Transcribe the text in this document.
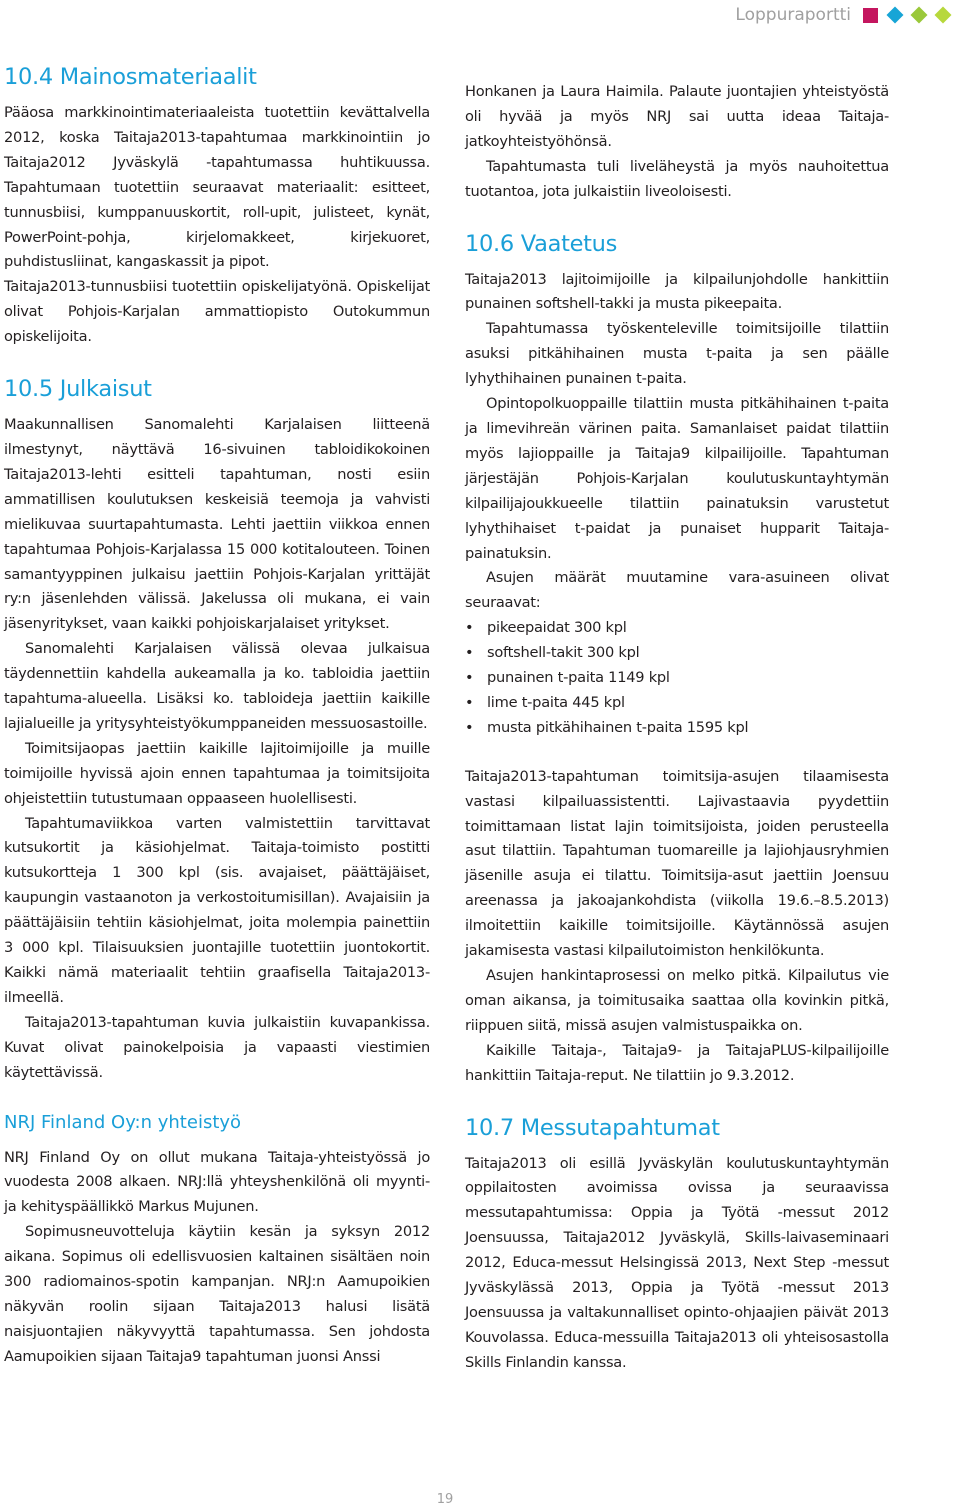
Loppuraportti
10.4 Mainosmateriaalit

Pääosa markkinointimateriaaleista tuotettiin kevättalvella 2012, koska Taitaja2013-tapahtumaa markkinointiin jo Taitaja2012 Jyväskylä -tapahtumassa huhtikuussa. Tapahtumaan tuotettiin seuraavat materiaalit: esitteet, tunnusbiisi, kumppanuuskortit, roll-upit, julisteet, kynät, PowerPoint-pohja, kirjelomakkeet, kirjekuoret, puhdistusliinat, kangaskassit ja pipot.

Taitaja2013-tunnusbiisi tuotettiin opiskelijatyönä. Opiskelijat olivat Pohjois-Karjalan ammattiopisto Outokummun opiskelijoita.

10.5 Julkaisut

Maakunnallisen Sanomalehti Karjalaisen liitteenä ilmestynyt, näyttävä 16-sivuinen tabloidikokoinen Taitaja2013-lehti esitteli tapahtuman, nosti esiin ammatillisen koulutuksen keskeisiä teemoja ja vahvisti mielikuvaa suurtapahtumasta. Lehti jaettiin viikkoa ennen tapahtumaa Pohjois-Karjalassa 15 000 kotitalouteen. Toinen samantyyppinen julkaisu jaettiin Pohjois-Karjalan yrittäjät ry:n jäsenlehden välissä. Jakelussa oli mukana, ei vain jäsenyritykset, vaan kaikki pohjoiskarjalaiset yritykset.

Sanomalehti Karjalaisen välissä olevaa julkaisua täydennettiin kahdella aukeamalla ja ko. tabloidia jaettiin tapahtuma-alueella. Lisäksi ko. tabloideja jaettiin kaikille lajialueille ja yritysyhteistyökumppaneiden messuosastoille.

Toimitsijaopas jaettiin kaikille lajitoimijoille ja muille toimijoille hyvissä ajoin ennen tapahtumaa ja toimitsijoita ohjeistettiin tutustumaan oppaaseen huolellisesti.

Tapahtumaviikkoa varten valmistettiin tarvittavat kutsukortit ja käsiohjelmat. Taitaja-toimisto postitti kutsukortteja 1 300 kpl (sis. avajaiset, päättäjäiset, kaupungin vastaanoton ja verkostoitumisillan). Avajaisiin ja päättäjäisiin tehtiin käsiohjelmat, joita molempia painettiin 3 000 kpl. Tilaisuuksien juontajille tuotettiin juontokortit. Kaikki nämä materiaalit tehtiin graafisella Taitaja2013-ilmeellä.

Taitaja2013-tapahtuman kuvia julkaistiin kuvapankissa. Kuvat olivat painokelpoisia ja vapaasti viestimien käytettävissä.

NRJ Finland Oy:n yhteistyö

NRJ Finland Oy on ollut mukana Taitaja-yhteistyössä jo vuodesta 2008 alkaen. NRJ:llä yhteyshenkilönä oli myynti- ja kehityspäällikkö Markus Mujunen.

Sopimusneuvotteluja käytiin kesän ja syksyn 2012 aikana. Sopimus oli edellisvuosien kaltainen sisältäen noin 300 radiomainos-spotin kampanjan. NRJ:n Aamupoikien näkyvän roolin sijaan Taitaja2013 halusi lisätä naisjuontajien näkyvyyttä tapahtumassa. Sen johdosta Aamupoikien sijaan Taitaja9 tapahtuman juonsi Anssi

Honkanen ja Laura Haimila. Palaute juontajien yhteistyöstä oli hyvää ja myös NRJ sai uutta ideaa Taitaja-jatkoyhteistyöhönsä.

Tapahtumasta tuli liveläheystä ja myös nauhoitettua tuotantoa, jota julkaistiin liveoloisesti.

10.6 Vaatetus

Taitaja2013 lajitoimijoille ja kilpailunjohdolle hankittiin punainen softshell-takki ja musta pikeepaita.

Tapahtumassa työskenteleville toimitsijoille tilattiin asuksi pitkähihainen musta t-paita ja sen päälle lyhythihainen punainen t-paita.

Opintopolkuoppaille tilattiin musta pitkähihainen t-paita ja limevihreän värinen paita. Samanlaiset paidat tilattiin myös lajioppaille ja Taitaja9 kilpailijoille. Tapahtuman järjestäjän Pohjois-Karjalan koulutuskuntayhtymän kilpailijajoukkueelle tilattiin painatuksin varustetut lyhythihaiset t-paidat ja punaiset hupparit Taitaja-painatuksin.

Asujen määrät muutamine vara-asuineen olivat seuraavat:

• pikeepaidat 300 kpl
• softshell-takit 300 kpl
• punainen t-paita 1149 kpl
• lime t-paita 445 kpl
• musta pitkähihainen t-paita 1595 kpl

Taitaja2013-tapahtuman toimitsija-asujen tilaamisesta vastasi kilpailuassistentti. Lajivastaavia pyydettiin toimittamaan listat lajin toimitsijoista, joiden perusteella asut tilattiin. Tapahtuman tuomareille ja lajiohjausryhmien jäsenille asuja ei tilattu. Toimitsija-asut jaettiin Joensuu areenassa ja jakoajankohdista (viikolla 19.6.–8.5.2013) ilmoitettiin kaikille toimitsijoille. Käytännössä asujen jakamisesta vastasi kilpailutoimiston henkilökunta.

Asujen hankintaprosessi on melko pitkä. Kilpailutus vie oman aikansa, ja toimitusaika saattaa olla kovinkin pitkä, riippuen siitä, missä asujen valmistuspaikka on.

Kaikille Taitaja-, Taitaja9- ja TaitajaPLUS-kilpailijoille hankittiin Taitaja-reput. Ne tilattiin jo 9.3.2012.

10.7 Messutapahtumat

Taitaja2013 oli esillä Jyväskylän koulutuskuntayhtymän oppilaitosten avoimissa ovissa ja seuraavissa messutapahtumissa: Oppia ja Työtä -messut 2012 Joensuussa, Taitaja2012 Jyväskylä, Skills-laivaseminaari 2012, Educa-messut Helsingissä 2013, Next Step -messut Jyväskylässä 2013, Oppia ja Työtä -messut 2013 Joensuussa ja valtakunnalliset opinto-ohjaajien päivät 2013 Kouvolassa. Educa-messuilla Taitaja2013 oli yhteisosastolla Skills Finlandin kanssa.

19
